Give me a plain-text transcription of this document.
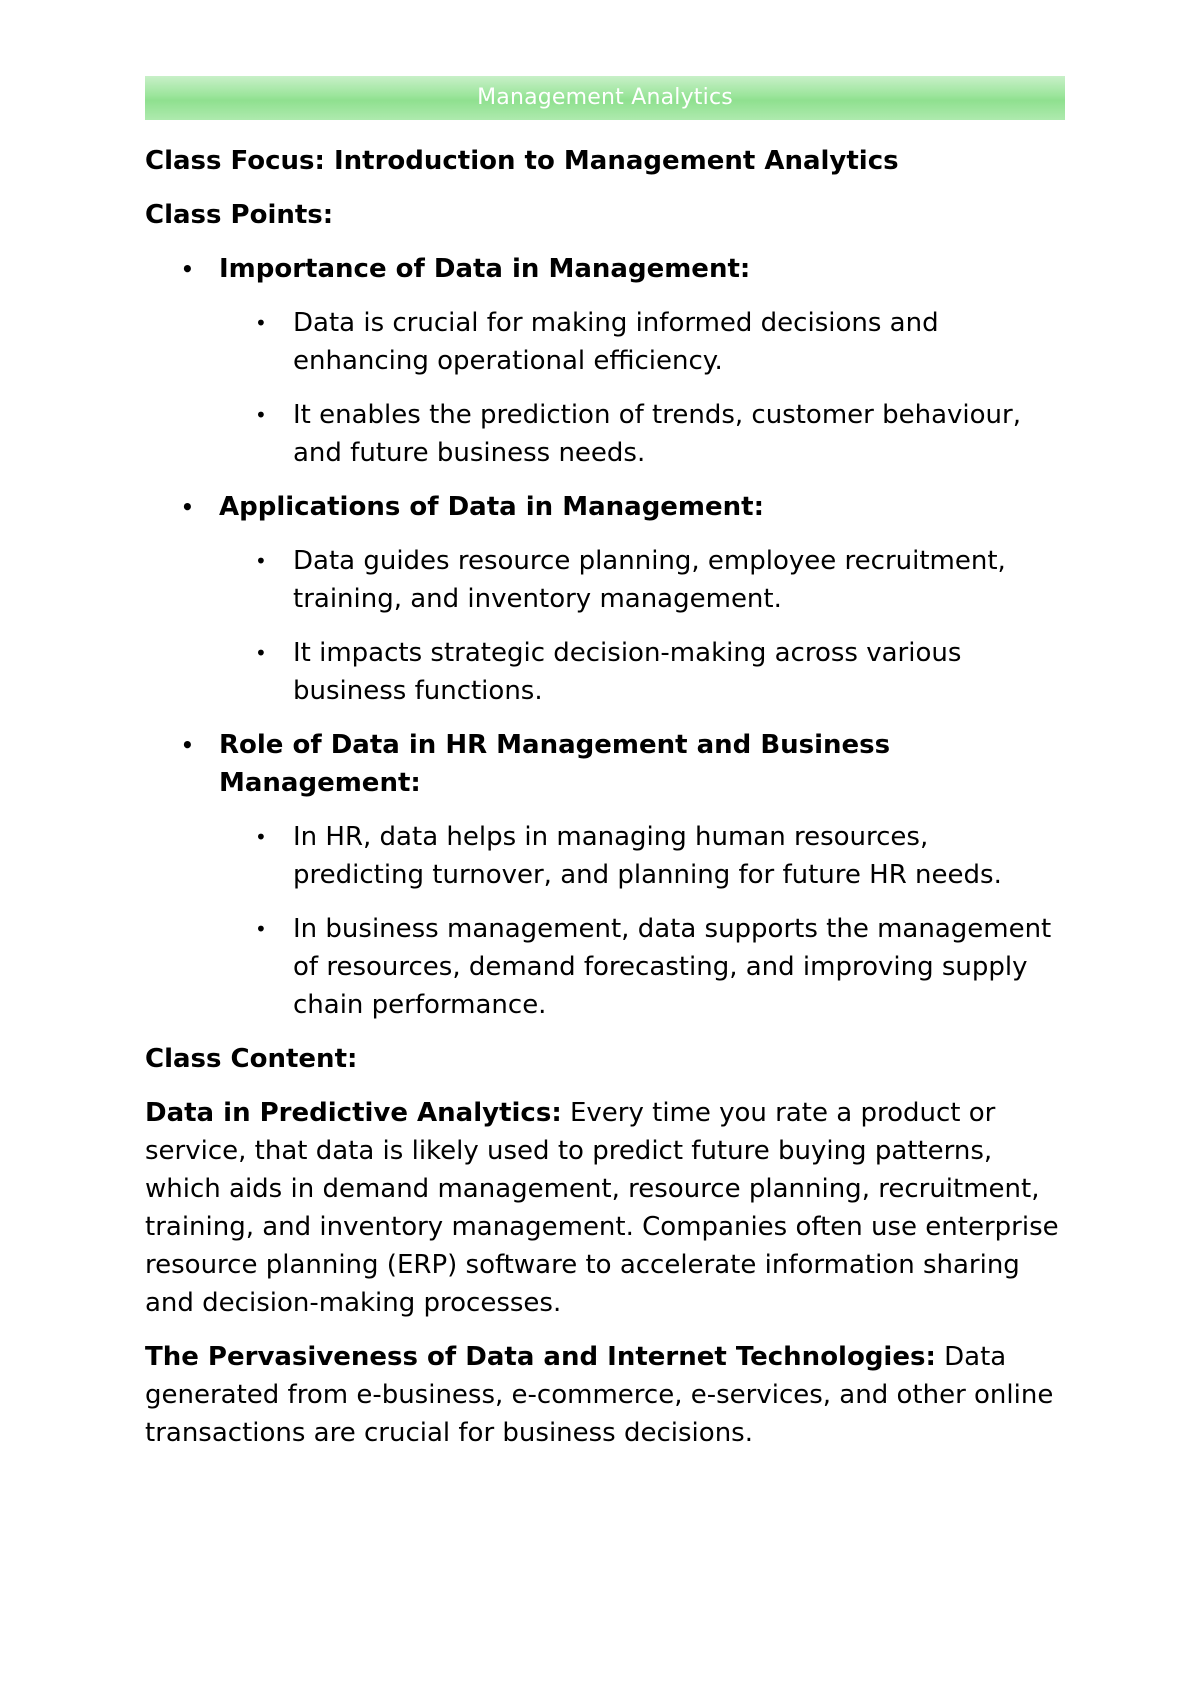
Management Analytics

Class Focus: Introduction to Management Analytics

Class Points:

• Importance of Data in Management:
• Data is crucial for making informed decisions and enhancing operational efficiency.
• It enables the prediction of trends, customer behaviour, and future business needs.
• Applications of Data in Management:
• Data guides resource planning, employee recruitment, training, and inventory management.
• It impacts strategic decision-making across various business functions.
• Role of Data in HR Management and Business Management:
• In HR, data helps in managing human resources, predicting turnover, and planning for future HR needs.
• In business management, data supports the management of resources, demand forecasting, and improving supply chain performance.

Class Content:

Data in Predictive Analytics: Every time you rate a product or service, that data is likely used to predict future buying patterns, which aids in demand management, resource planning, recruitment, training, and inventory management. Companies often use enterprise resource planning (ERP) software to accelerate information sharing and decision-making processes.

The Pervasiveness of Data and Internet Technologies: Data generated from e-business, e-commerce, e-services, and other online transactions are crucial for business decisions.
